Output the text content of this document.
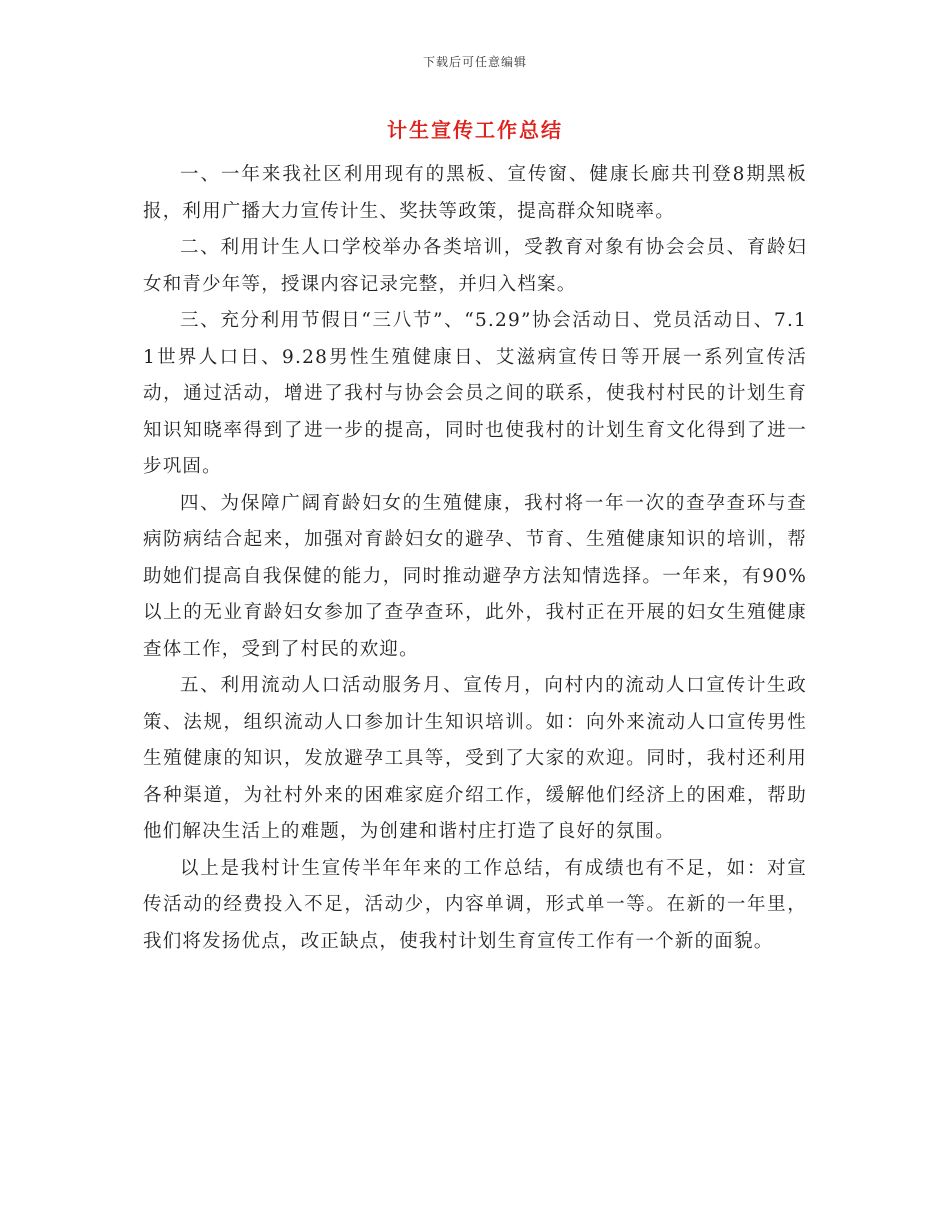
下载后可任意编辑
计生宣传工作总结

一、一年来我社区利用现有的黑板、宣传窗、健康长廊共刊登8期黑板报，利用广播大力宣传计生、奖扶等政策，提高群众知晓率。

二、利用计生人口学校举办各类培训，受教育对象有协会会员、育龄妇女和青少年等，授课内容记录完整，并归入档案。

三、充分利用节假日“三八节”、“5.29”协会活动日、党员活动日、7.11世界人口日、9.28男性生殖健康日、艾滋病宣传日等开展一系列宣传活动，通过活动，增进了我村与协会会员之间的联系，使我村村民的计划生育知识知晓率得到了进一步的提高，同时也使我村的计划生育文化得到了进一步巩固。

四、为保障广阔育龄妇女的生殖健康，我村将一年一次的查孕查环与查病防病结合起来，加强对育龄妇女的避孕、节育、生殖健康知识的培训，帮助她们提高自我保健的能力，同时推动避孕方法知情选择。一年来，有90%以上的无业育龄妇女参加了查孕查环，此外，我村正在开展的妇女生殖健康查体工作，受到了村民的欢迎。

五、利用流动人口活动服务月、宣传月，向村内的流动人口宣传计生政策、法规，组织流动人口参加计生知识培训。如：向外来流动人口宣传男性生殖健康的知识，发放避孕工具等，受到了大家的欢迎。同时，我村还利用各种渠道，为社村外来的困难家庭介绍工作，缓解他们经济上的困难，帮助他们解决生活上的难题，为创建和谐村庄打造了良好的氛围。

以上是我村计生宣传半年年来的工作总结，有成绩也有不足，如：对宣传活动的经费投入不足，活动少，内容单调，形式单一等。在新的一年里，我们将发扬优点，改正缺点，使我村计划生育宣传工作有一个新的面貌。
